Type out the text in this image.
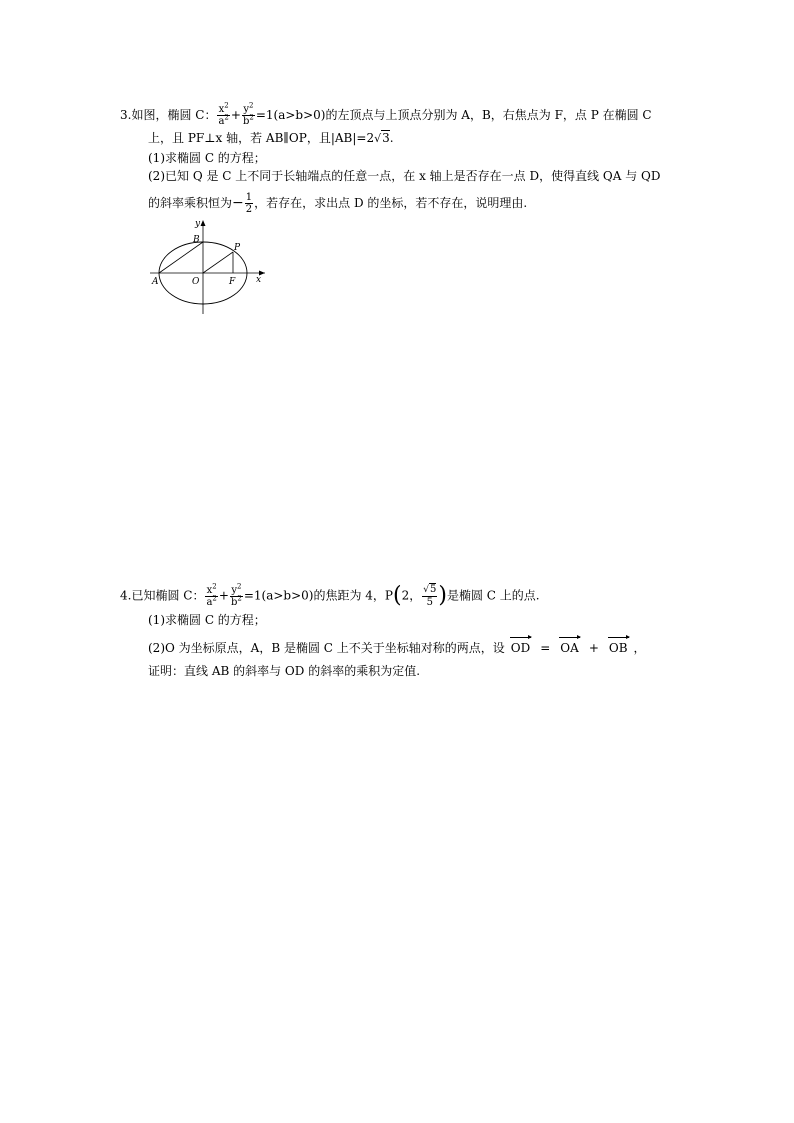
3.如图，椭圆 C： $\frac{x^2}{a^2} + \frac{y^2}{b^2} =1(a>b>0)$的左顶点与上顶点分别为 A，B，右焦点为 F，点 P 在椭圆 C
上，且 PF⊥x 轴，若 AB∥OP，且|AB|=2√3.
(1)求椭圆 C 的方程；
(2)已知 Q 是 C 上不同于长轴端点的任意一点，在 x 轴上是否存在一点 D，使得直线 QA 与 QD
的斜率乘积恒为− $\frac{1}{2}$ ，若存在，求出点 D 的坐标，若不存在，说明理由.
y
B
P
A	O	F x
4.已知椭圆 C： $\frac{x^2}{a^2} + \frac{y^2}{b^2} =1(a>b>0)$的焦距为 4，P(2， $\frac{√5}{5}$ )是椭圆 C 上的点.
(1)求椭圆 C 的方程；
(2)O 为坐标原点，A，B 是椭圆 C 上不关于坐标轴对称的两点，设 OD = OA + OB ，
证明：直线 AB 的斜率与 OD 的斜率的乘积为定值.
